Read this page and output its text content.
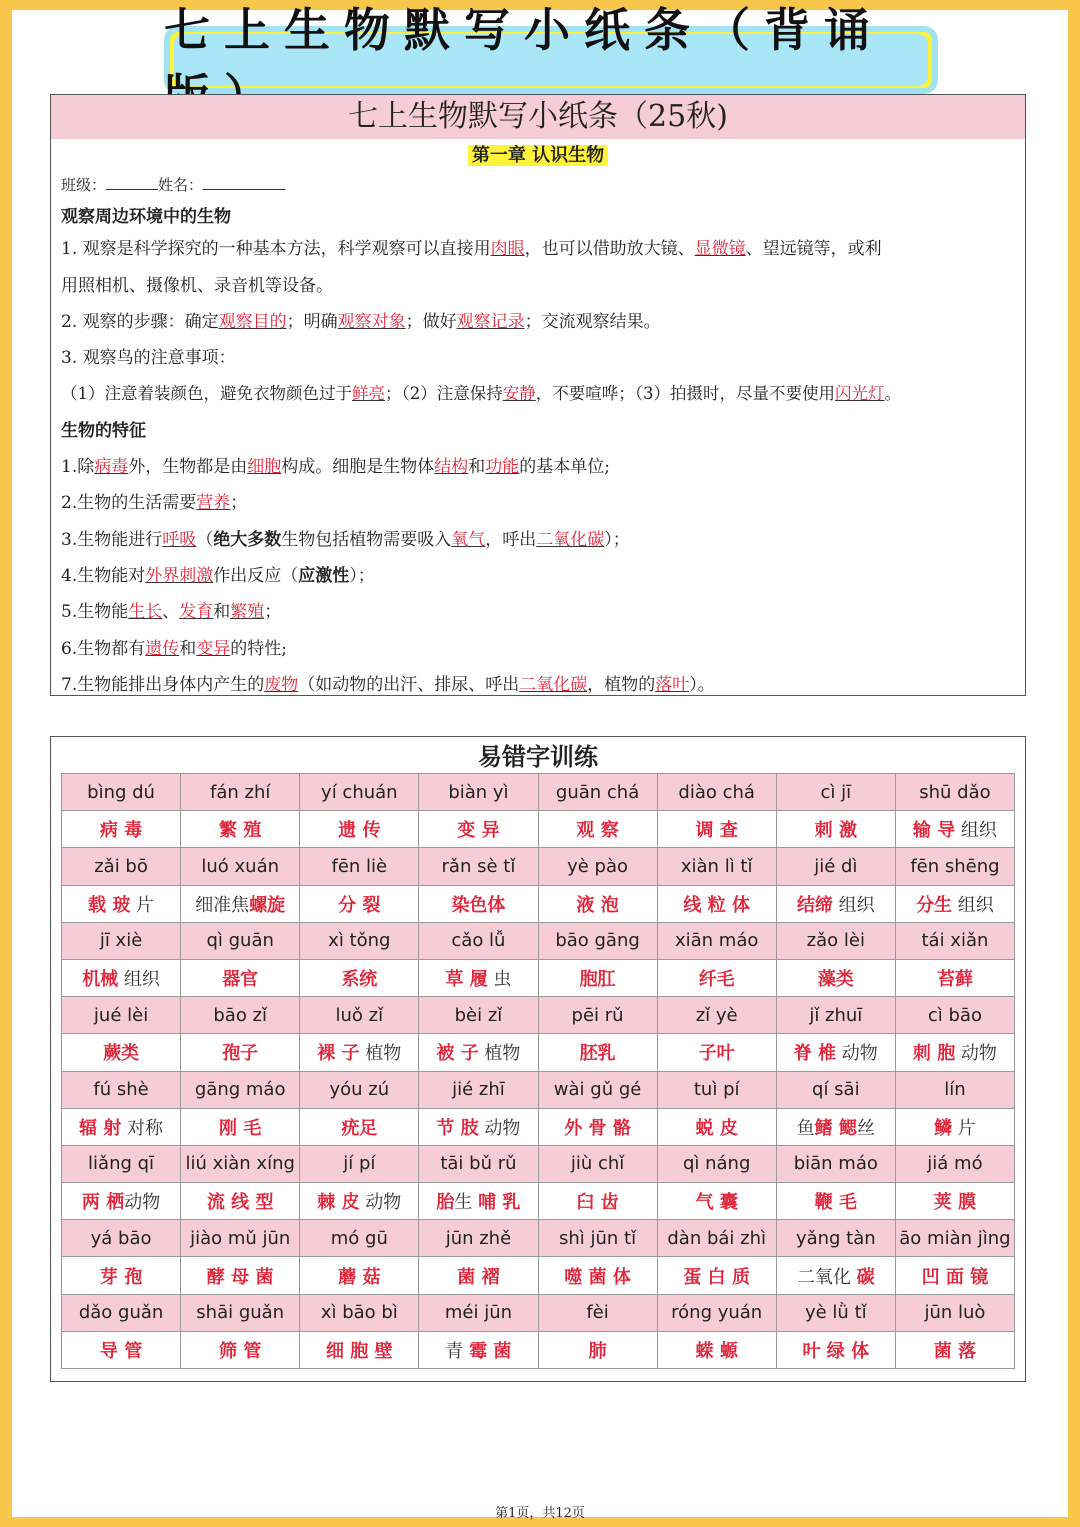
七上生物默写小纸条（背诵
七上生物默写小纸条（25秋)
第一章 认识生物
班级：	姓名：
观察周边环境中的生物
1. 观察是科学探究的一种基本方法，科学观察可以直接用肉眼，也可以借助放大镜、显微镜、望远镜等，或利
用照相机、摄像机、录音机等设备。
2. 观察的步骤：确定观察目的；明确观察对象；做好观察记录；交流观察结果。
3. 观察鸟的注意事项：
（1）注意着装颜色，避免衣物颜色过于鲜亮；（2）注意保持安静，不要喧哗；（3）拍摄时，尽量不要使用闪光灯。
生物的特征
1.除病毒外，生物都是由细胞构成。细胞是生物体结构和功能的基本单位;
2.生物的生活需要营养；
3.生物能进行呼吸（绝大多数生物包括植物需要吸入氧气，呼出二氧化碳）；
4.生物能对外界刺激作出反应（应激性）；
5.生物能生长、发育和繁殖；
6.生物都有遗传和变异的特性;
7.生物能排出身体内产生的废物（如动物的出汗、排尿、呼出二氧化碳，植物的落叶）。
易错字训练
bìng dú	fán zhí	yí chuán	biàn yì	guān chá	diào chá	cì jī	shū dǎo
病 毒	繁 殖	遗 传	变 异	观 察	调 查	刺 激	输 导 组织
zǎi bō	luó xuán	fēn liè	rǎn sè tǐ	yè pào	xiàn lì tǐ	jié dì	fēn shēng
载 玻 片	细准焦螺旋	分 裂	染色体	液 泡	线 粒 体	结缔 组织	分生 组织
jī xiè	qì guān	xì tǒng	cǎo lǚ	bāo gāng	xiān máo	zǎo lèi	tái xiǎn
机械 组织	器官	系统	草 履 虫	胞肛	纤毛	藻类	苔藓
jué lèi	bāo zǐ	luǒ zǐ	bèi zǐ	pēi rǔ	zǐ yè	jǐ zhuī	cì bāo
蕨类	孢子	裸 子 植物	被 子 植物	胚乳	子叶	脊 椎 动物	刺 胞 动物
fú shè	gāng máo	yóu zú	jié zhī	wài gǔ gé	tuì pí	qí sāi	lín
辐 射 对称	刚 毛	疣足	节 肢 动物	外 骨 骼	蜕 皮	鱼鳍 鳃丝	鳞 片
liǎng qī	liú xiàn xíng	jí pí	tāi bǔ rǔ	jiù chǐ	qì náng	biān máo	jiá mó
两 栖动物	流 线 型	棘 皮 动物	胎生 哺 乳	臼 齿	气 囊	鞭 毛	荚 膜
yá bāo	jiào mǔ jūn	mó gū	jūn zhě	shì jūn tǐ	dàn bái zhì	yǎng tàn	āo miàn jìng
芽 孢	酵 母 菌	蘑 菇	菌 褶	噬 菌 体	蛋 白 质	二氧化 碳	凹 面 镜
dǎo guǎn	shāi guǎn	xì bāo bì	méi jūn	fèi	róng yuán	yè lǜ tǐ	jūn luò
导 管	筛 管	细 胞 壁	青 霉 菌	肺	蝾 螈	叶 绿 体	菌 落
第1页，共12页
